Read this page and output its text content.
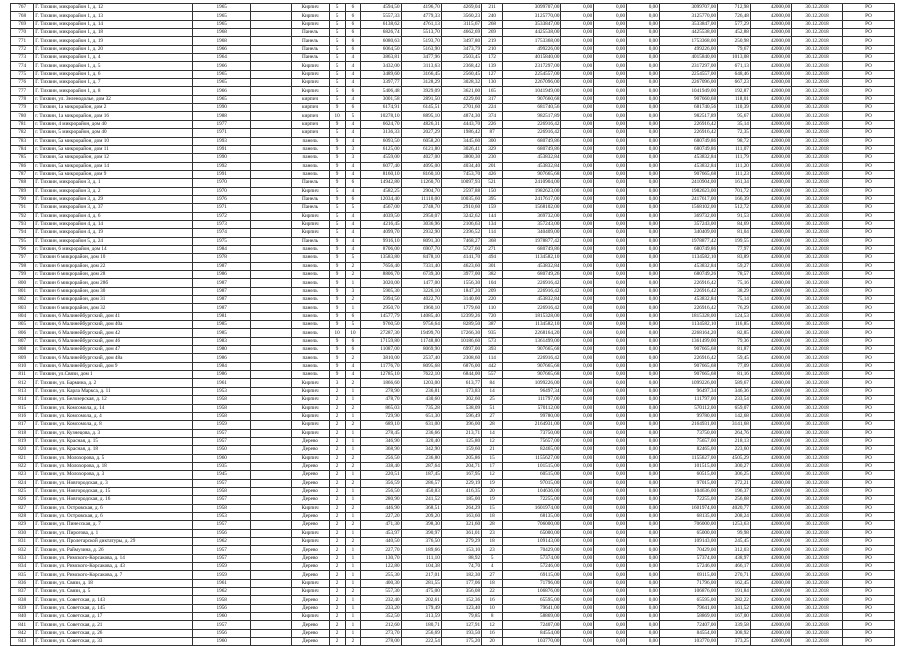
767	Г. Тихвин, микрорайон 1, д. 12	1965		Кирпич	5	6	4594,50	4196,70	4269,04	211	3099707,00	0,00	0,00	0,00	3099707,00	712,98	42000,00	30.12.2018	РО
768	Г. Тихвин, микрорайон 1, д. 13	1965		Кирпич	5	6	5557,33	4779,33	3560,23	240	3125770,00	0,00	0,00	0,00	3125770,00	726,48	42000,00	30.12.2018	РО
769	Г. Тихвин, микрорайон 1, д. 14	1965		Кирпич	5	6	6138,62	4761,13	3115,67	268	3533847,00	0,00	0,00	0,00	3533847,00	577,29	42000,00	30.12.2018	РО
770	Г. Тихвин, микрорайон 1, д. 18	1968		Панель	5	6	6826,74	5513,70	4662,69	269	4425538,00	0,00	0,00	0,00	4425538,00	452,88	42000,00	30.12.2018	РО
771	Г. Тихвин, микрорайон 1, д. 19	1968		Панель	5	6	6080,63	5193,70	3497,80	219	1753368,00	0,00	0,00	0,00	1753368,00	250,98	42000,00	30.12.2018	РО
772	Г. Тихвин, микрорайон 1, д. 20	1966		Панель	5	6	6064,50	5163,90	3473,79	210	499226,00	0,00	0,00	0,00	499226,00	79,67	42000,00	30.12.2018	РО
773	Г. Тихвин, микрорайон 1, д. 4	1964		Панель	5	4	3863,81	3477,96	2503,45	172	4015840,00	0,00	0,00	0,00	4015840,00	1013,08	42000,00	30.12.2018	РО
774	Г. Тихвин, микрорайон 1, д. 5	1966		Кирпич	5	4	3432,00	3113,63	2368,42	139	2317297,00	0,00	0,00	0,00	2317297,00	671,13	42000,00	30.12.2018	РО
775	Г. Тихвин, микрорайон 1, д. 6	1965		Кирпич	5	4	3489,60	3166,45	2560,45	127	2254557,00	0,00	0,00	0,00	2254557,00	648,46	42000,00	30.12.2018	РО
776	Г. Тихвин, микрорайон 1, д. 7	1965		Кирпич	5	4	3397,77	3128,29	3028,32	130	2267096,00	0,00	0,00	0,00	2267096,00	667,23	42000,00	30.12.2018	РО
777	Г. Тихвин, микрорайон 1, д. 8	1966		Кирпич	5	6	5406,48	3929,09	3621,00	165	1041949,00	0,00	0,00	0,00	1041949,00	192,87	42000,00	30.12.2018	РО
778	г. Тихвин, ул. Зеленодолье, дом 32	1965		кирпич	5	4	3001,58	2891,50	4229,00	317	907660,68	0,00	0,00	0,00	907660,68	118,01	42000,00	30.12.2018	РО
779	г. Тихвин, 1а микрорайон, дом 2	1990		кирпич	9	6	6174,91	6145,51	2701,60	224	681740,56	0,00	0,00	0,00	681740,56	110,39	42000,00	30.12.2018	РО
780	г. Тихвин, 1а микрорайон, дом 16	1988		кирпич	10	5	10278,10	8895,10	4874,30	374	982517,89	0,00	0,00	0,00	982517,89	95,67	42000,00	30.12.2018	РО
781	г. Тихвин, 4 микрорайон, дом 40	1977		кирпич	9	4	6624,70	4826,31	4443,70	226	226916,42	0,00	0,00	0,00	226916,42	35,14	42000,00	30.12.2018	РО
782	г. Тихвин, 5 микрорайон, дом 40	1971		кирпич	5	4	3136,33	2027,29	1986,42	87	226916,42	0,00	0,00	0,00	226916,42	72,35	42000,00	30.12.2018	РО
783	г. Тихвин, 5а микрорайон, дом 10	1993		панель	9	4	6093,50	6058,20	3445,60	300	680749,86	0,00	0,00	0,00	680749,86	98,72	42000,00	30.12.2018	РО
784	г. Тихвин, 5а микрорайон, дом 11	1991		панель	9	3	6125,00	6121,80	3026,41	329	680749,86	0,00	0,00	0,00	680749,86	111,07	42000,00	30.12.2018	РО
785	г. Тихвин, 5а микрорайон, дом 12	1990		панель	9	3	4559,00	4027,00	3800,30	230	453832,84	0,00	0,00	0,00	453832,84	111,79	42000,00	30.12.2018	РО
786	г. Тихвин, 5а микрорайон, дом 14	1992		панель	9	4	6077,40	4095,00	4034,40	201	453832,84	0,00	0,00	0,00	453832,84	111,20	42000,00	30.12.2018	РО
787	г. Тихвин, 5а микрорайон, дом 9	1991		панель	9	4	8160,10	8160,10	7453,70	426	907665,68	0,00	0,00	0,00	907665,68	111,23	42000,00	30.12.2018	РО
788	Г. Тихвин, микрорайон 3, д. 1	1970		Панель	9	6	14942,80	11260,70	10097,93	521	2410904,00	0,00	0,00	0,00	2410904,00	161,34	42000,00	30.12.2018	РО
789	Г. Тихвин, микрорайон 3, д. 2	1970		Кирпич	5	4	4582,25	2904,70	2597,88	150	1982623,00	0,00	0,00	0,00	1982623,00	701,72	42000,00	30.12.2018	РО
790	Г. Тихвин, микрорайон 3, д. 29	1976		Панель	9	6	12034,40	11110,00	10035,60	395	2417617,00	0,00	0,00	0,00	2417617,00	166,39	42000,00	30.12.2018	РО
791	Г. Тихвин, микрорайон 3, д. 37	1971		Панель	5	5	4567,00	2748,70	2910,60	159	1568102,00	0,00	0,00	0,00	1568102,00	512,72	42000,00	30.12.2018	РО
792	Г. Тихвин, микрорайон 4, д. 6	1972		Кирпич	5	4	4039,50	2950,07	3242,62	144	369732,00	0,00	0,00	0,00	369732,00	91,53	42000,00	30.12.2018	РО
793	Г. Тихвин, микрорайон 4, д. 14	1973		Кирпич	5	4	4216,45	3036,96	2106,63	134	357243,00	0,00	0,00	0,00	357243,00	84,69	42000,00	30.12.2018	РО
794	Г. Тихвин, микрорайон 4, д. 19	1974		Кирпич	5	4	4099,70	2932,90	2396,52	114	340409,00	0,00	0,00	0,00	340409,00	81,04	42000,00	30.12.2018	РО
795	Г. Тихвин, микрорайон 5, д. 24	1975		Панель	9	4	9916,10	8091,30	7468,27	368	1978877,42	0,00	0,00	0,00	1978877,42	199,55	42000,00	30.12.2018	РО
796	г. Тихвин, 6 микрорайон, дом 14	1984		панель	9	4	8706,00	6907,70	5727,60	271	680749,86	0,00	0,00	0,00	680749,86	77,97	42000,00	30.12.2018	РО
797	г. Тихвин 6 микрорайон, дом 10	1978		панель	9	5	13583,80	8478,10	4141,70	494	1134582,10	0,00	0,00	0,00	1134582,10	83,89	42000,00	30.12.2018	РО
798	г. Тихвин 6 микрорайон, дом 22	1987		панель	9	2	7656,40	7331,40	4623,60	301	453832,84	0,00	0,00	0,00	453832,84	59,27	42000,00	30.12.2018	РО
799	г. Тихвин 6 микрорайон, дом 28	1986		панель	9	2	8806,70	6739,30	3977,00	382	680749,26	0,00	0,00	0,00	680749,26	78,57	42000,00	30.12.2018	РО
800	г. Тихвин 6 микрорайон, дом 28б	1987		панель	9	1	3020,00	1477,00	1556,30	104	226916,42	0,00	0,00	0,00	226916,42	75,16	42000,00	30.12.2018	РО
801	г. Тихвин 6 микрорайон, дом 30	1987		панель	9	3	5905,30	3226,10	1847,20	209	226916,42	0,00	0,00	0,00	226916,42	38,29	42000,00	30.12.2018	РО
802	г. Тихвин 6 микрорайон, дом 31	1987		панель	9	2	5994,50	4022,70	3140,00	220	453832,84	0,00	0,00	0,00	453832,84	75,14	42000,00	30.12.2018	РО
803	г. Тихвин 6 микрорайон, дом 32	1987		панель	9	1	2950,70	1960,10	1779,60	110	226916,42	0,00	0,00	0,00	226916,42	76,29	42000,00	30.12.2018	РО
804	г. Тихвин, 6 Малинейбургский, дом 41	1981		панель	9	6	14577,79	14085,40	12399,26	720	1815328,00	0,00	0,00	0,00	1815328,00	124,53	42000,00	30.12.2018	РО
805	г. Тихвин, 6 Малинейбургский, дом 40а	1985		панель	9	5	9760,50	9756,64	8289,50	387	1134582,10	0,00	0,00	0,00	1134582,10	116,85	42000,00	30.12.2018	РО
806	г. Тихвин, 6 Малинейбургский, дом 42	1985		панель	10	10	27287,30	19499,70	17266,30	935	2268164,20	0,00	0,00	0,00	2268164,20	82,85	42000,00	30.12.2018	РО
807	г. Тихвин, 6 Малинейбургский, дом 46	1983		панель	9	6	17159,80	11748,80	10186,60	573	1361499,00	0,00	0,00	0,00	1361499,00	79,36	42000,00	30.12.2018	РО
808	г. Тихвин, 6 Малинейбургский, дом 47	1980		панель	9	6	11087,00	8069,90	6997,00	393	907665,68	0,00	0,00	0,00	907665,68	81,87	42000,00	30.12.2018	РО
809	г. Тихвин, 6 Малинейбургский, дом 48а	1986		панель	9	2	3810,00	2537,40	2308,60	114	226916,42	0,00	0,00	0,00	226916,42	59,45	42000,00	30.12.2018	РО
810	г. Тихвин, 6 Малинейбургский, дом 9	1984		панель	9	4	11776,70	8095,68	6876,00	442	907665,68	0,00	0,00	0,00	907665,68	77,09	42000,00	30.12.2018	РО
811	г. Тихвин, ул.Связи, дом 1	1986		панель	9	4	12785,10	7622,10	6844,00	557	907665,68	0,00	0,00	0,00	907665,68	81,16	42000,00	30.12.2018	РО
812	Г. Тихвин, ул. Бармина, д. 2	1961		Кирпич	3	2	1866,60	1203,00	613,77	84	1099226,00	0,00	0,00	0,00	1099226,00	589,67	42000,00	30.12.2018	РО
813	Г. Тихвин, ул. Карла Маркса, д. 11	1953		Кирпич	2	1	278,90	236,81	173,83	14	96497,34	0,00	0,00	0,00	96497,34	346,36	42000,00	30.12.2018	РО
814	Г. Тихвин, ул. Белозерская, д. 12	1958		Кирпич	2	1	478,70	430,60	302,60	25	111797,00	0,00	0,00	0,00	111797,00	233,54	42000,00	30.12.2018	РО
815	Г. Тихвин, ул. Комсомола, д. 14	1958		Кирпич	2	2	865,03	735,28	538,09	51	570112,00	0,00	0,00	0,00	570112,00	659,07	42000,00	30.12.2018	РО
816	Г. Тихвин, ул. Комсомола, д. 4	1958		Кирпич	2	1	729,90	651,30	596,49	27	99780,00	0,00	0,00	0,00	99780,00	142,68	42000,00	30.12.2018	РО
817	Г. Тихвин, ул. Комсомола, д. 8	1959		Кирпич	2	2	689,10	631,00	396,00	28	2164931,00	0,00	0,00	0,00	2164931,00	3141,68	42000,00	30.12.2018	РО
818	Г. Тихвин, ул. Кузнецова, д. 3	1957		Кирпич	2	1	278,45	236,66	213,71	14	73750,00	0,00	0,00	0,00	73750,00	264,76	42000,00	30.12.2018	РО
819	Г. Тихвин, ул. Красная, д. 15	1957		Дерево	2	1	346,90	320,40	125,80	12	75657,00	0,00	0,00	0,00	75657,00	218,13	42000,00	30.12.2018	РО
820	Г. Тихвин, ул. Красная, д. 18	1950		Дерево	2	1	368,90	342,90	159,60	21	82465,00	0,00	0,00	0,00	82465,00	223,60	42000,00	30.12.2018	РО
821	Г. Тихвин, ул. Молохорова, д. 5	1960		Кирпич	2	2	256,50	236,80	205,86	15	1155627,00	0,00	0,00	0,00	1155627,00	4505,29	42000,00	30.12.2018	РО
822	Г. Тихвин, ул. Молохорова, д. 18	1935		Дерево	2	2	338,40	287,64	204,71	17	101515,00	0,00	0,00	0,00	101515,00	300,27	42000,00	30.12.2018	РО
823	Г. Тихвин, ул. Молохорова, д. 3	1945		Дерево	2	1	220,51	187,45	167,95	12	60515,00	0,00	0,00	0,00	60515,00	306,25	42000,00	30.12.2018	РО
824	Г. Тихвин, ул. Новгородская, д. 3	1957		Дерево	2	2	356,59	286,57	229,19	19	97015,00	0,00	0,00	0,00	97015,00	272,21	42000,00	30.12.2018	РО
825	Г. Тихвин, ул. Новгородская, д. 15	1958		Дерево	2	1	256,50	450,83	416,35	20	104636,00	0,00	0,00	0,00	104636,00	196,37	42000,00	30.12.2018	РО
826	Г. Тихвин, ул. Новгородская, д. 16	1957		Дерево	2	1	280,90	241,52	185,00	19	72255,00	0,00	0,00	0,00	72255,00	256,68	42000,00	30.12.2018	РО
827	Г. Тихвин, ул. Островская, д. 6	1958		Кирпич	2	2	446,90	368,51	264,29	15	1601974,00	0,00	0,00	0,00	1601974,00	4020,77	42000,00	30.12.2018	РО
828	Г. Тихвин, ул. Островская, д. 6	1953		Дерево	2	1	227,20	209,20	163,60	18	68135,00	0,00	0,00	0,00	68135,00	208,24	42000,00	30.12.2018	РО
829	Г. Тихвин, ул. Пинесская, д. 7	1957		Дерево	2	2	471,30	398,30	321,60	28	706000,00	0,00	0,00	0,00	706000,00	1253,63	42000,00	30.12.2018	РО
830	Г. Тихвин, ул. Пирогова, д. 1	1956		Кирпич	2	1	453,97	390,97	361,01	23	65000,00	0,00	0,00	0,00	65000,00	99,98	42000,00	30.12.2018	РО
831	Г. Тихвин, ул. Пролетарской диктатуры, д. 29	1962		Кирпич	2	2	440,50	376,50	279,29	18	109143,00	0,00	0,00	0,00	109143,00	245,45	42000,00	30.12.2018	РО
832	Г. Тихвин, ул. Раймузина, д. 26	1957		Дерево	2	1	227,70	189,66	153,10	23	70429,00	0,00	0,00	0,00	70429,00	312,03	42000,00	30.12.2018	РО
833	Г. Тихвин, ул. Римского-Корсакова, д. 14	1957		Дерево	2	1	130,70	111,10	88,92	5	57374,00	0,00	0,00	0,00	57374,00	438,97	42000,00	30.12.2018	РО
834	Г. Тихвин, ул. Римского-Корсакова, д. 43	1959		Дерево	2	1	122,80	104,38	74,70	4	57246,00	0,00	0,00	0,00	57246,00	466,17	42000,00	30.12.2018	РО
835	Г. Тихвин, ул. Римского-Корсакова, д. 7	1959		Дерево	2	1	255,30	217,01	182,30	27	69115,00	0,00	0,00	0,00	69115,00	270,71	42000,00	30.12.2018	РО
836	Г. Тихвин, ул. Связи, д. 18	1961		Кирпич	2	1	400,30	281,55	177,06	18	71796,00	0,00	0,00	0,00	71796,00	162,45	42000,00	30.12.2018	РО
837	Г. Тихвин, ул. Связи, д. 5	1962		Кирпич	2	2	557,30	475,00	356,08	22	106876,00	0,00	0,00	0,00	106876,00	191,84	42000,00	30.12.2018	РО
838	Г. Тихвин, ул. Советская, д. 143	1958		Дерево	2	1	232,40	202,61	152,36	16	65595,00	0,00	0,00	0,00	65595,00	282,22	42000,00	30.12.2018	РО
839	Г. Тихвин, ул. Советская, д. 145	1956		Дерево	2	1	233,20	179,49	123,40	10	79641,00	0,00	0,00	0,00	79641,00	341,52	42000,00	30.12.2018	РО
840	Г. Тихвин, ул. Советская, д. 17	1960		Кирпич	2	1	352,50	313,59	79,85	8	58869,00	0,00	0,00	0,00	58869,00	167,00	42000,00	30.12.2018	РО
841	Г. Тихвин, ул. Советская, д. 21	1957		Дерево	2	1	212,60	180,71	127,91	12	72407,00	0,00	0,00	0,00	72407,00	339,58	42000,00	30.12.2018	РО
842	Г. Тихвин, ул. Советская, д. 26	1956		Дерево	2	1	273,70	256,69	193,50	16	84554,00	0,00	0,00	0,00	84554,00	308,92	42000,00	30.12.2018	РО
843	Г. Тихвин, ул. Советская, д. 33	1960		Дерево	2	2	278,00	222,54	175,20	20	103770,00	0,00	0,00	0,00	103770,00	373,25	42000,00	30.12.2018	РО
